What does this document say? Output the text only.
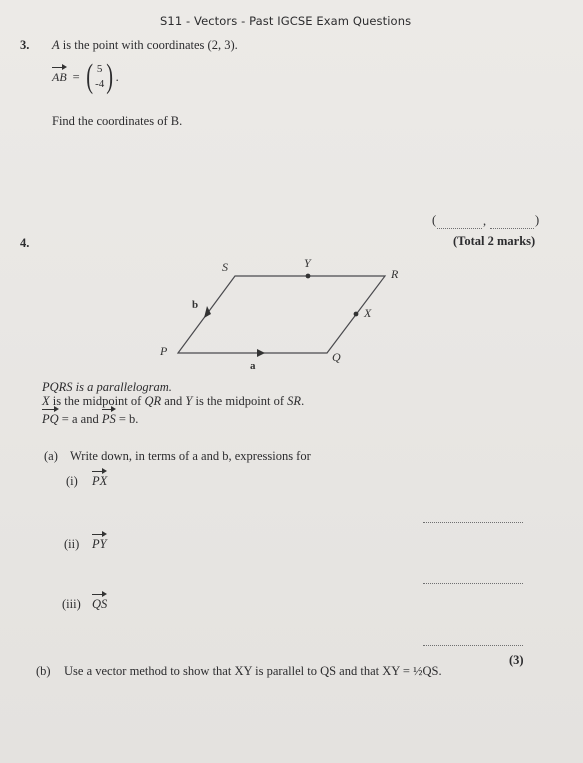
S11 - Vectors - Past IGCSE Exam Questions
3. A is the point with coordinates (2, 3).
AB = ( 5
-4 ) .
Find the coordinates of B.
(	,	)
(Total 2 marks)
4.
S	Y
R
X
P	Q
b
a
PQRS is a parallelogram.
X is the midpoint of QR and Y is the midpoint of SR.
PQ = a and PS = b.
(a) Write down, in terms of a and b, expressions for
(i) PX
(ii) PY
(iii) QS
(3)
(b) Use a vector method to show that XY is parallel to QS and that XY = ½QS.
